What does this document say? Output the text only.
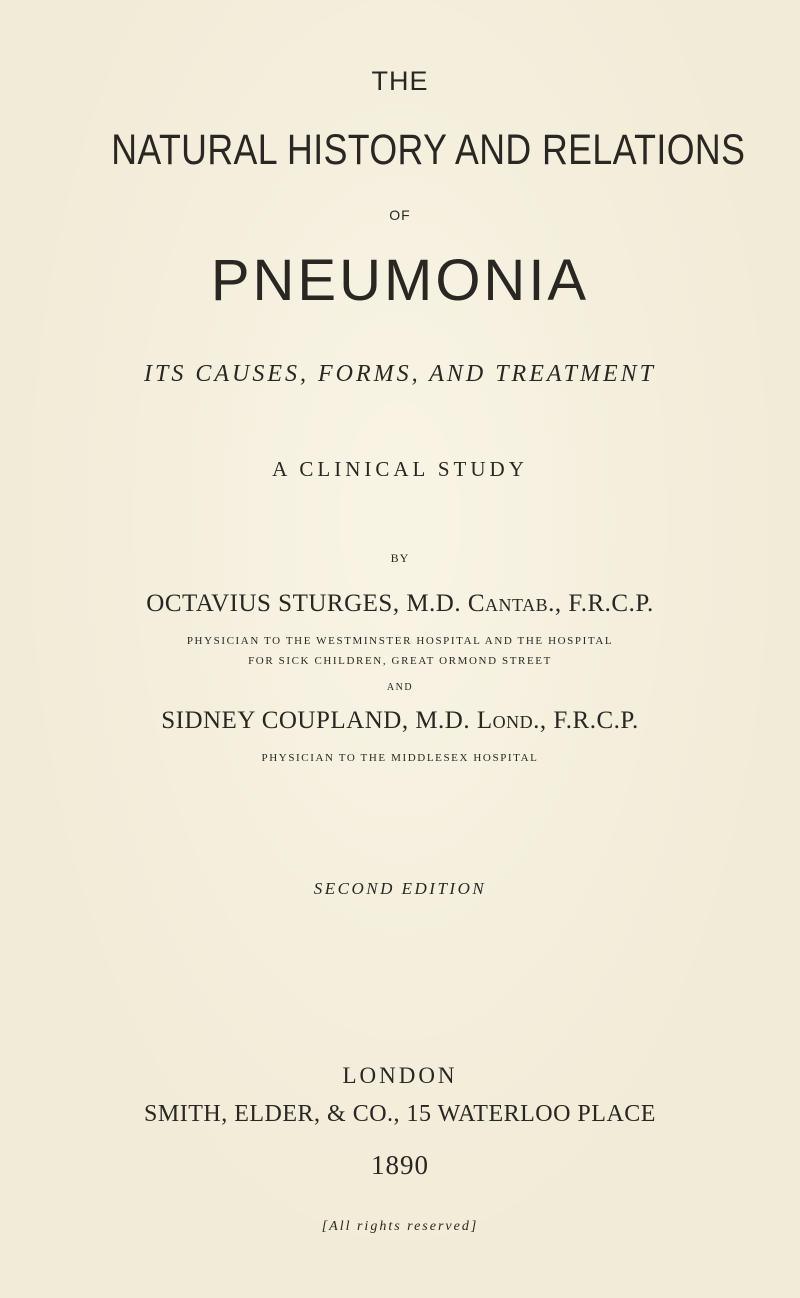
THE

NATURAL HISTORY AND RELATIONS

OF

PNEUMONIA

ITS CAUSES, FORMS, AND TREATMENT

A CLINICAL STUDY

BY

OCTAVIUS STURGES, M.D. Cantab., F.R.C.P.

PHYSICIAN TO THE WESTMINSTER HOSPITAL AND THE HOSPITAL

FOR SICK CHILDREN, GREAT ORMOND STREET

AND

SIDNEY COUPLAND, M.D. Lond., F.R.C.P.

PHYSICIAN TO THE MIDDLESEX HOSPITAL

SECOND EDITION

LONDON

SMITH, ELDER, & CO., 15 WATERLOO PLACE

1890

[All rights reserved]
